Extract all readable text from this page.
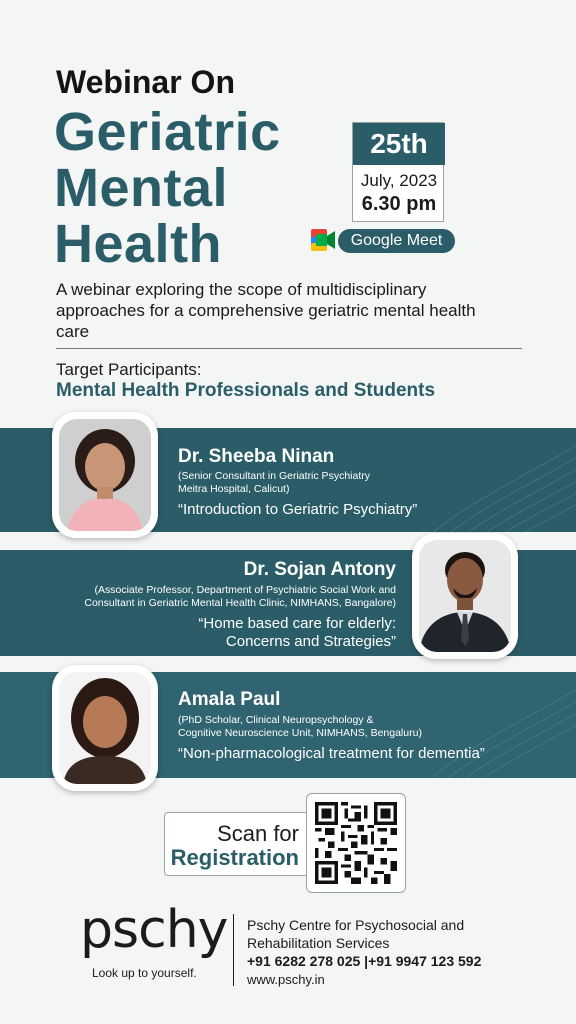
Webinar On
Geriatric
Mental
Health
25th
July, 2023
6.30 pm
Google Meet
A webinar exploring the scope of multidisciplinary approaches for a comprehensive geriatric mental health care
Target Participants:
Mental Health Professionals and Students
Dr. Sheeba Ninan
(Senior Consultant in Geriatric Psychiatry
Meitra Hospital, Calicut)
“Introduction to Geriatric Psychiatry”
Dr. Sojan Antony
(Associate Professor, Department of Psychiatric Social Work and
Consultant in Geriatric Mental Health Clinic, NIMHANS, Bangalore)
“Home based care for elderly:
Concerns and Strategies”
Amala Paul
(PhD Scholar, Clinical Neuropsychology &
Cognitive Neuroscience Unit, NIMHANS, Bengaluru)
“Non-pharmacological treatment for dementia”
Scan for
Registration
pschy
Look up to yourself.
Pschy Centre for Psychosocial and
Rehabilitation Services
+91 6282 278 025 |+91 9947 123 592
www.pschy.in
